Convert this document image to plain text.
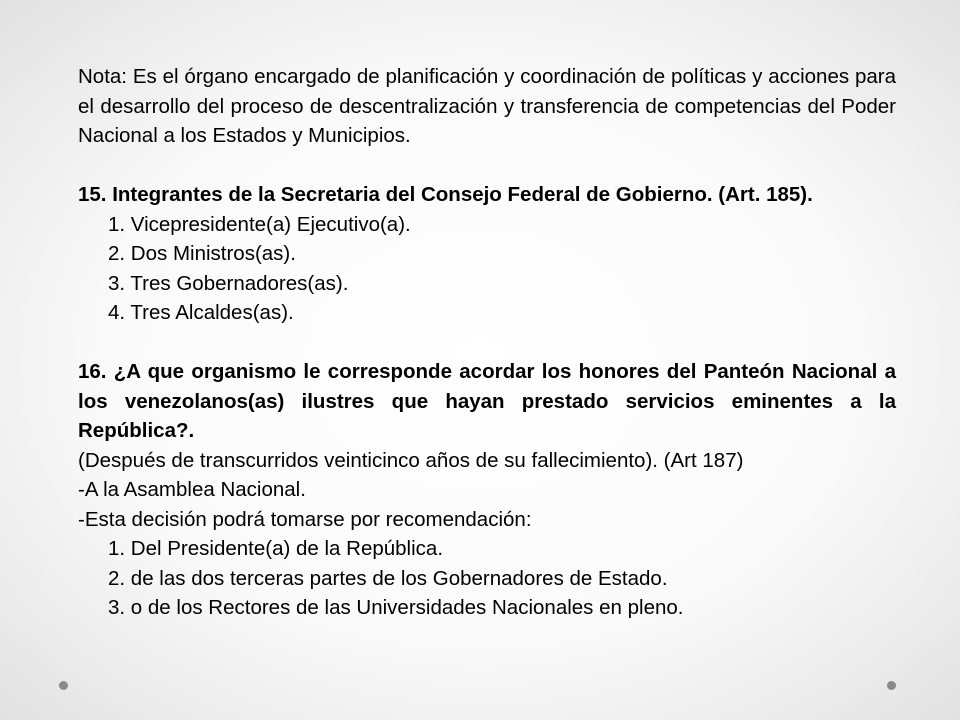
Nota: Es el órgano encargado de planificación y coordinación de políticas y acciones para el desarrollo del proceso de descentralización y transferencia de competencias del Poder Nacional a los Estados y Municipios.

15. Integrantes de la Secretaria del Consejo Federal de Gobierno. (Art. 185).

1. Vicepresidente(a) Ejecutivo(a).
2. Dos Ministros(as).
3. Tres Gobernadores(as).
4. Tres Alcaldes(as).

16. ¿A que organismo le corresponde acordar los honores del Panteón Nacional a los venezolanos(as) ilustres que hayan prestado servicios eminentes a la República?.

(Después de transcurridos veinticinco años de su fallecimiento). (Art 187)

-A la Asamblea Nacional.

-Esta decisión podrá tomarse por recomendación:

1. Del Presidente(a) de la República.
2. de las dos terceras partes de los Gobernadores de Estado.
3. o de los Rectores de las Universidades Nacionales en pleno.
